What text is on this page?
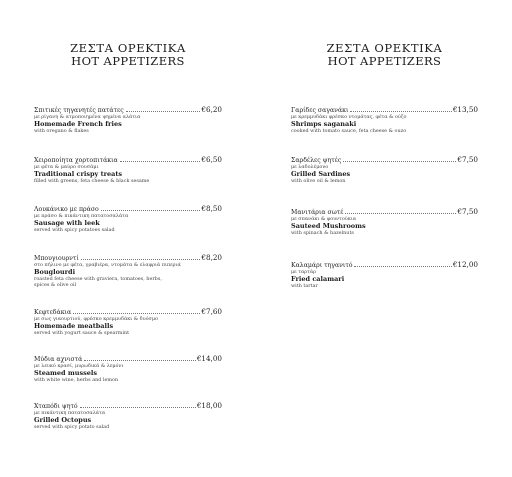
ΖΕΣΤΑ ΟΡΕΚΤΙΚΑ
HOT APPETIZERS
Σπιτικές τηγανητές πατάτες	€6,20
με ρίγανη & ατμοποιημένα ψημένα αλάτια
Homemade French fries
with oregano & flakes
Χειροποίητα χορτοπιτάκια	€6,50
με φέτα & μαύρο σουσάμι
Traditional crispy treats
filled with greens, feta cheese & black sesame
Λουκάνικο με πράσο	€8,50
με πράσο & πικάντικη πατατοσαλάτα
Sausage with leek
served with spicy potatoes salad
Μπουγιουρντί	€8,20
στο πήλινο με φέτα, γραβιέρα, ντομάτα & ελαφριά πιπεριά
Bouglourdi
roasted feta cheese with graviera, tomatoes, herbs,
spices & olive oil
Κεφτεδάκια	€7,60
με σως γιαουρτιού, φρέσκο κρεμμυδάκι & δυόσμο
Homemade meatballs
served with yogurt sauce & spearmint
Μύδια αχνιστά	€14,00
με λευκό κρασί, μυρωδικά & λεμόνι
Steamed mussels
with white wine, herbs and lemon
Χταπόδι ψητό	€18,00
με πικάντικη πατατοσαλάτα
Grilled Octopus
served with spicy potato salad
ΖΕΣΤΑ ΟΡΕΚΤΙΚΑ
HOT APPETIZERS
Γαρίδες σαγανάκι	€13,50
με κρεμμυδάκι φρέσκο ντομάτας, φέτα & ούζο
Shrimps saganaki
cooked with tomato sauce, feta cheese & ouzo
Σαρδέλες ψητές	€7,50
με λαδολέμονο
Grilled Sardines
with olive oil & lemon
Μανιτάρια σωτέ	€7,50
με σπανάκι & φουντούκια
Sauteed Mushrooms
with spinach & hazelnuts
Καλαμάρι τηγανιτό	€12,00
με ταρτάρ
Fried calamari
with tartar
